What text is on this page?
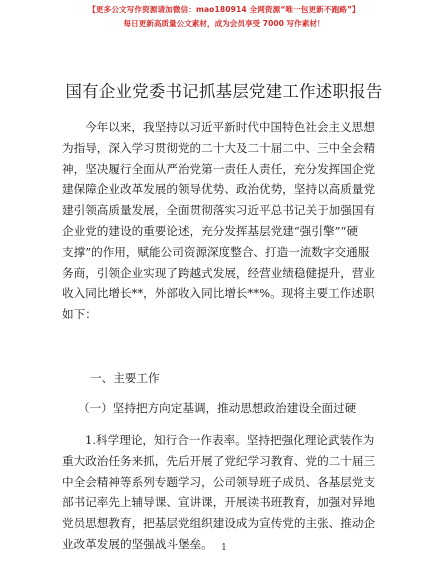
【更多公文写作资源请加微信：mao180914 全网资源“唯一包更新不跑路”】
每日更新高质量公文素材，成为会员享受 7000 写作素材！
国有企业党委书记抓基层党建工作述职报告
今年以来，我坚持以习近平新时代中国特色社会主义思想
为指导，深入学习贯彻党的二十大及二十届二中、三中全会精
神，坚决履行全面从严治党第一责任人责任，充分发挥国企党
建保障企业改革发展的领导优势、政治优势，坚持以高质量党
建引领高质量发展，全面贯彻落实习近平总书记关于加强国有
企业党的建设的重要论述，充分发挥基层党建“强引擎”“硬
支撑”的作用，赋能公司资源深度整合、打造一流数字交通服
务商，引领企业实现了跨越式发展，经营业绩稳健提升，营业
收入同比增长**，外部收入同比增长**%。现将主要工作述职
如下：
一、主要工作
（一）坚持把方向定基调，推动思想政治建设全面过硬
1.科学理论，知行合一作表率。坚持把强化理论武装作为
重大政治任务来抓，先后开展了党纪学习教育、党的二十届三
中全会精神等系列专题学习，公司领导班子成员、各基层党支
部书记率先上辅导课、宣讲课，开展读书班教育，加强对异地
党员思想教育，把基层党组织建设成为宣传党的主张、推动企
业改革发展的坚强战斗堡垒。 1
